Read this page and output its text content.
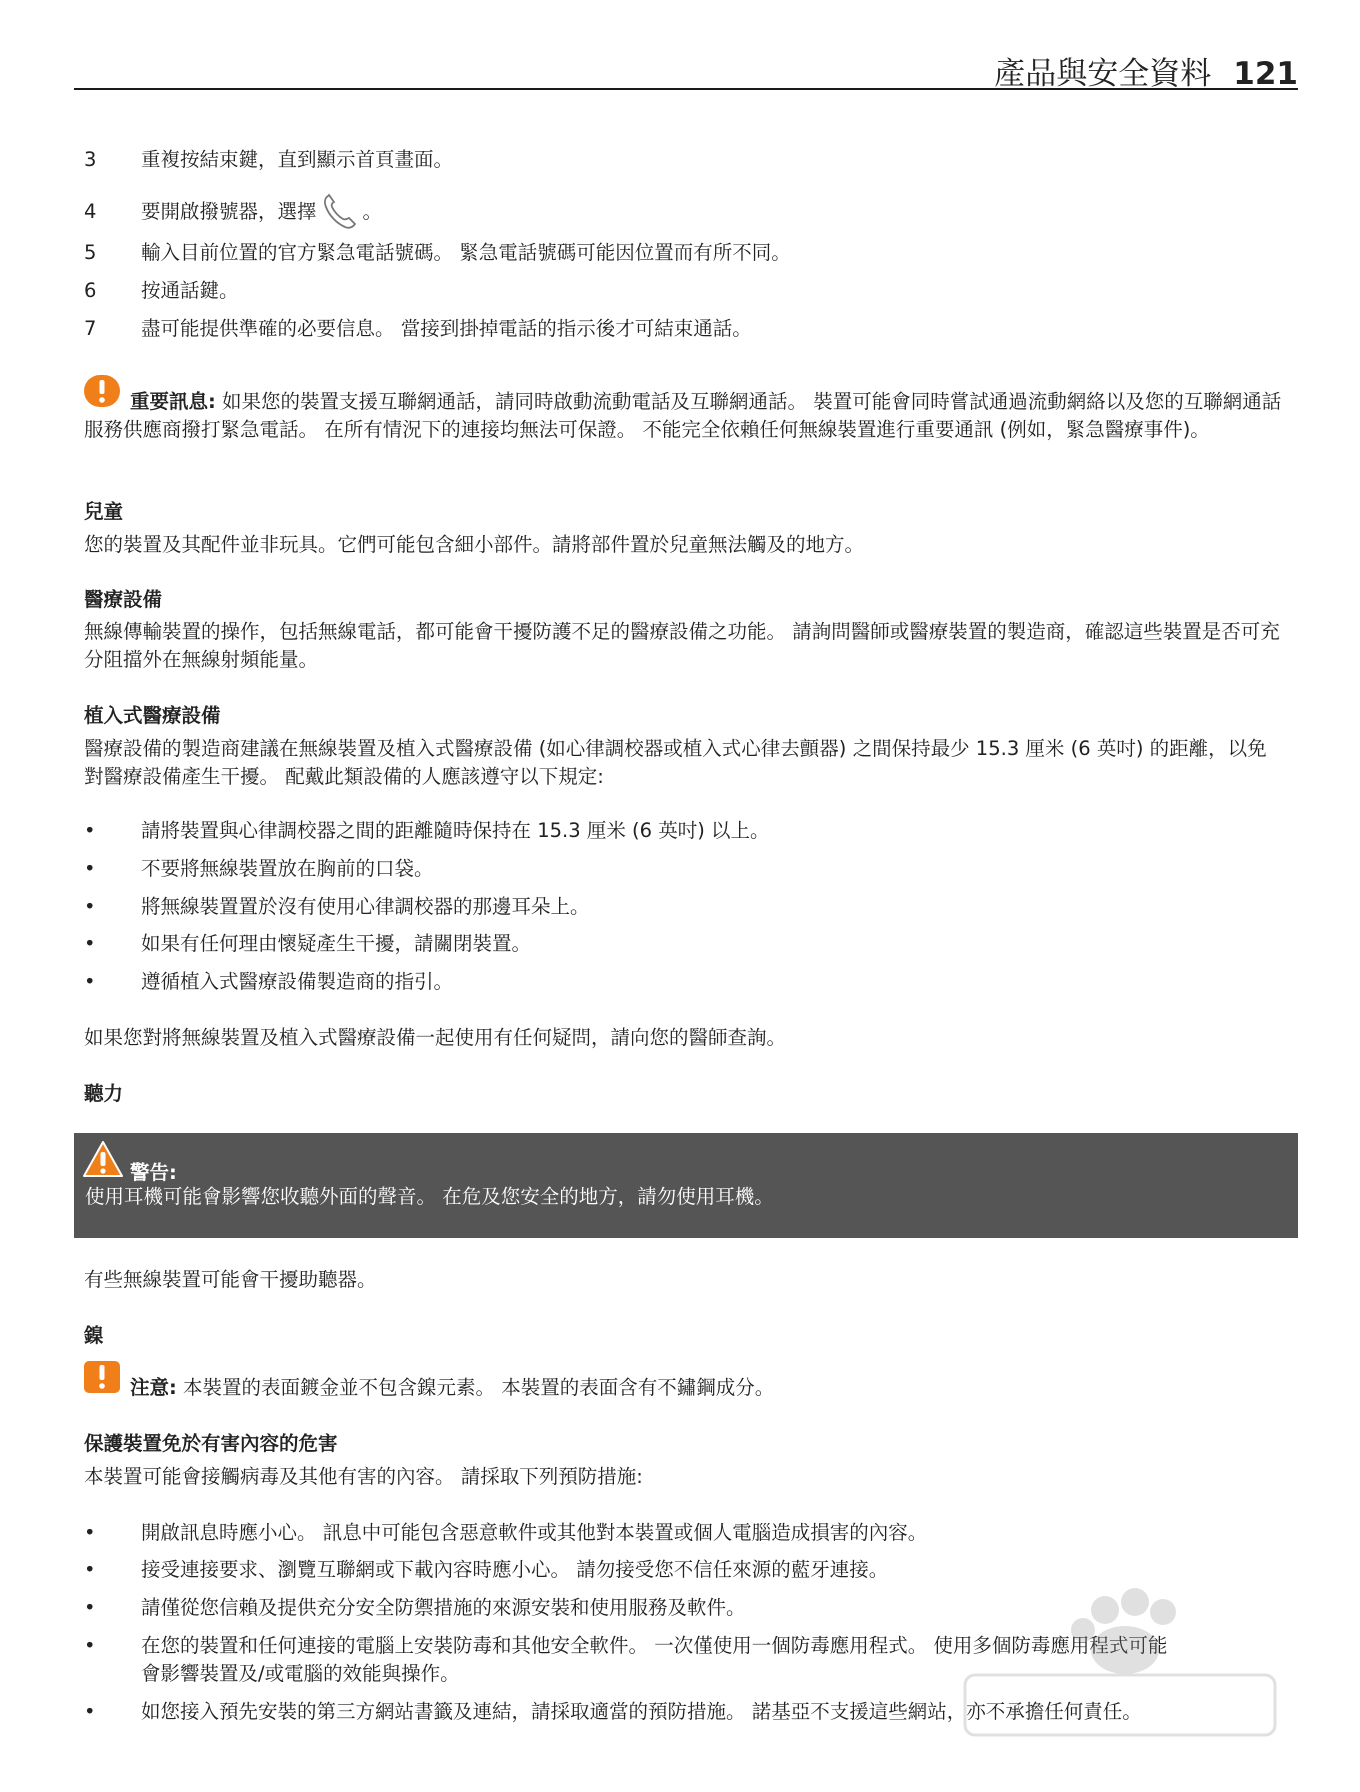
產品與安全資料 121
3	重複按結束鍵，直到顯示首頁畫面。
4	要開啟撥號器，選擇 。
5	輸入目前位置的官方緊急電話號碼。 緊急電話號碼可能因位置而有所不同。
6	按通話鍵。
7	盡可能提供準確的必要信息。 當接到掛掉電話的指示後才可結束通話。
重要訊息: 如果您的裝置支援互聯網通話，請同時啟動流動電話及互聯網通話。 裝置可能會同時嘗試通過流動網絡以及您的互聯網通話服務供應商撥打緊急電話。 在所有情況下的連接均無法可保證。 不能完全依賴任何無線裝置進行重要通訊 (例如，緊急醫療事件)。
兒童
您的裝置及其配件並非玩具。它們可能包含細小部件。請將部件置於兒童無法觸及的地方。
醫療設備
無線傳輸裝置的操作，包括無線電話，都可能會干擾防護不足的醫療設備之功能。 請詢問醫師或醫療裝置的製造商，確認這些裝置是否可充分阻擋外在無線射頻能量。
植入式醫療設備
醫療設備的製造商建議在無線裝置及植入式醫療設備 (如心律調校器或植入式心律去顫器) 之間保持最少 15.3 厘米 (6 英吋) 的距離，以免對醫療設備產生干擾。 配戴此類設備的人應該遵守以下規定:
• 請將裝置與心律調校器之間的距離隨時保持在 15.3 厘米 (6 英吋) 以上。
• 不要將無線裝置放在胸前的口袋。
• 將無線裝置置於沒有使用心律調校器的那邊耳朵上。
• 如果有任何理由懷疑產生干擾，請關閉裝置。
• 遵循植入式醫療設備製造商的指引。
如果您對將無線裝置及植入式醫療設備一起使用有任何疑問，請向您的醫師查詢。
聽力
警告:
使用耳機可能會影響您收聽外面的聲音。 在危及您安全的地方，請勿使用耳機。
有些無線裝置可能會干擾助聽器。
鎳
注意: 本裝置的表面鍍金並不包含鎳元素。 本裝置的表面含有不鏽鋼成分。
保護裝置免於有害內容的危害
本裝置可能會接觸病毒及其他有害的內容。 請採取下列預防措施:
• 開啟訊息時應小心。 訊息中可能包含惡意軟件或其他對本裝置或個人電腦造成損害的內容。
• 接受連接要求、瀏覽互聯網或下載內容時應小心。 請勿接受您不信任來源的藍牙連接。
• 請僅從您信賴及提供充分安全防禦措施的來源安裝和使用服務及軟件。
• 在您的裝置和任何連接的電腦上安裝防毒和其他安全軟件。 一次僅使用一個防毒應用程式。 使用多個防毒應用程式可能
會影響裝置及/或電腦的效能與操作。
• 如您接入預先安裝的第三方網站書籤及連結，請採取適當的預防措施。 諾基亞不支援這些網站，亦不承擔任何責任。
